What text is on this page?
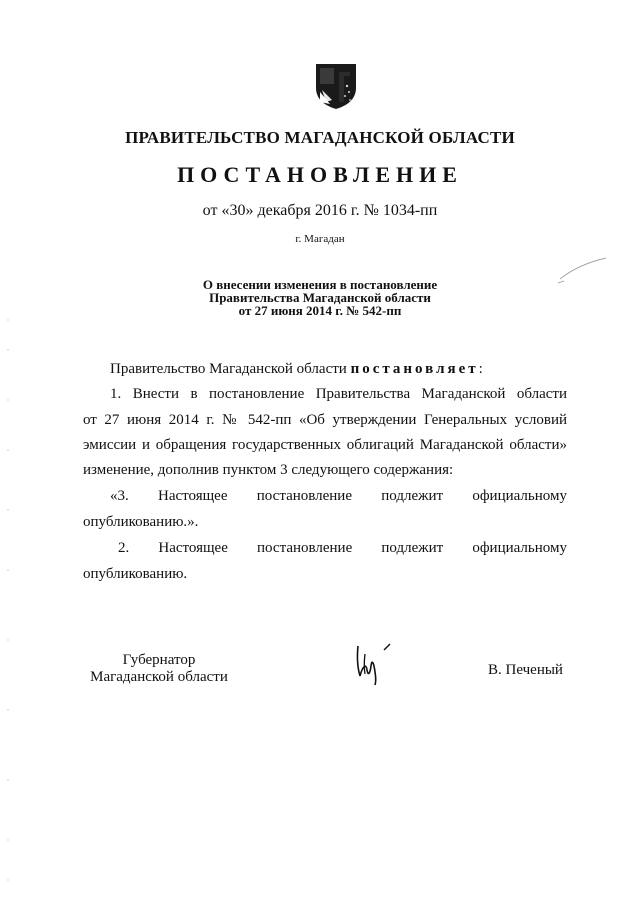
ПРАВИТЕЛЬСТВО МАГАДАНСКОЙ ОБЛАСТИ
ПОСТАНОВЛЕНИЕ
от «30» декабря 2016 г. № 1034-пп
г. Магадан
О внесении изменения в постановление
Правительства Магаданской области
от 27 июня 2014 г. № 542-пп
Правительство Магаданской области постановляет:
1. Внести в постановление Правительства Магаданской области
от 27 июня 2014 г. № 542-пп «Об утверждении Генеральных условий
эмиссии и обращения государственных облигаций Магаданской области»
изменение, дополнив пунктом 3 следующего содержания:
«3. Настоящее постановление подлежит официальному
опубликованию.».
2. Настоящее постановление подлежит официальному
опубликованию.
Губернатор
Магаданской области	В. Печеный
